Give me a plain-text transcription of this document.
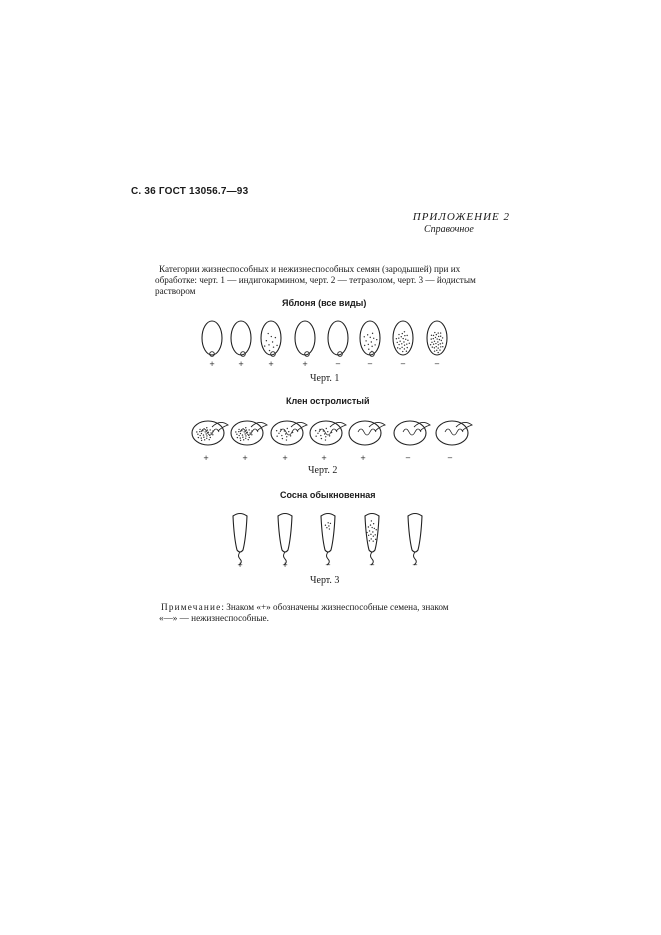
С. 36 ГОСТ 13056.7—93
ПРИЛОЖЕНИЕ 2
Справочное
Категории жизнеспособных и нежизнеспособных семян (зародышей) при их
обработке: черт. 1 — индигокармином, черт. 2 — тетразолом, черт. 3 — йодистым
раствором
Яблоня (все виды)
+	+	+	+	−	−	−	−
+	+	+	+	+	−	−
+	+	−	−	−
Черт. 1
Клен остролистый
Черт. 2
Сосна обыкновенная
Черт. 3
Примечание: Знаком «+» обозначены жизнеспособные семена, знаком
«—» — нежизнеспособные.
